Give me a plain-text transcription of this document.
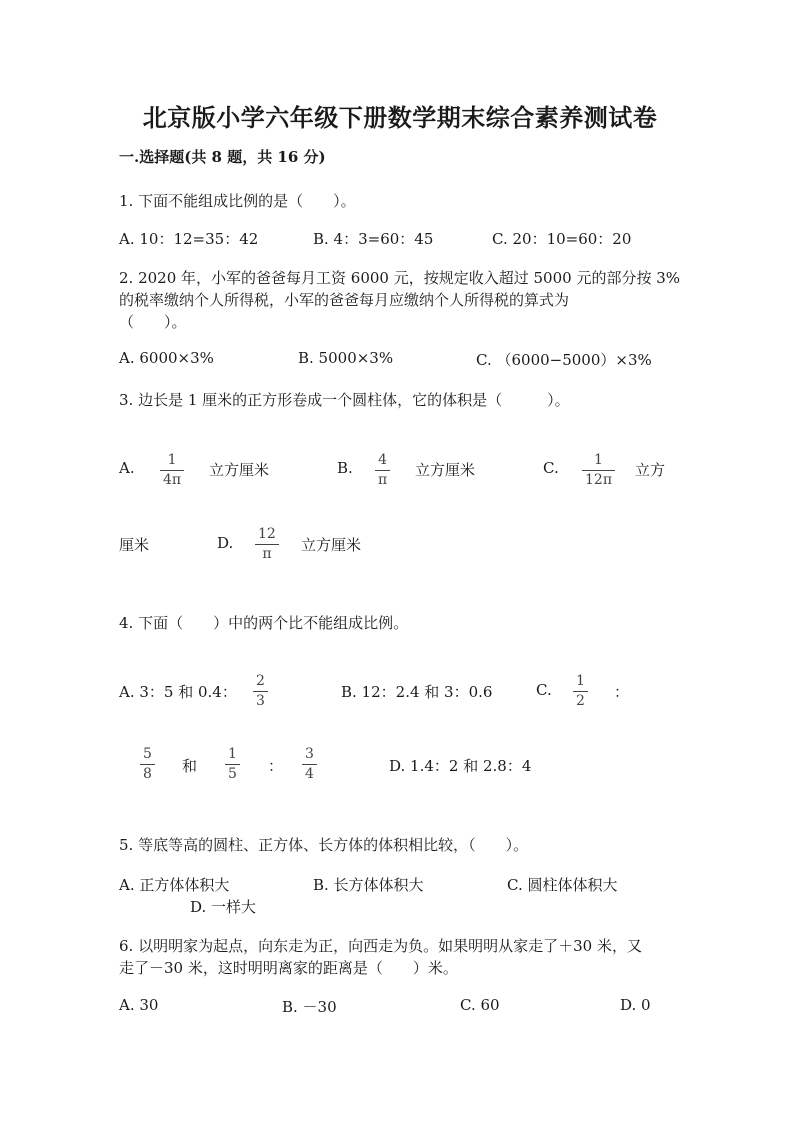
北京版小学六年级下册数学期末综合素养测试卷
一.选择题(共 8 题，共 16 分)
1. 下面不能组成比例的是（　　）。
A. 10：12=35：42	B. 4：3=60：45	C. 20：10=60：20
2. 2020 年，小军的爸爸每月工资 6000 元，按规定收入超过 5000 元的部分按 3%
的税率缴纳个人所得税，小军的爸爸每月应缴纳个人所得税的算式为
（　　）。
A. 6000×3%	B. 5000×3%	C. （6000−5000）×3%
3. 边长是 1 厘米的正方形卷成一个圆柱体，它的体积是（　　　）。
A. 1
4π
立方厘米	B. 4
π
立方厘米	C.	1
12π
立方
厘米	D. 12
π 立方厘米
4. 下面（　　）中的两个比不能组成比例。
A. 3：5 和 0.4：
2
3	B. 12：2.4 和 3：0.6	C. 1
2 ：
5
8 和
1
5 ：
3
4	D. 1.4：2 和 2.8：4
5. 等底等高的圆柱、正方体、长方体的体积相比较，（　　）。
A. 正方体体积大	B. 长方体体积大	C. 圆柱体体积大
D. 一样大
6. 以明明家为起点，向东走为正，向西走为负。如果明明从家走了＋30 米，又
走了－30 米，这时明明离家的距离是（　　）米。
A. 30	B. －30	C. 60	D. 0
